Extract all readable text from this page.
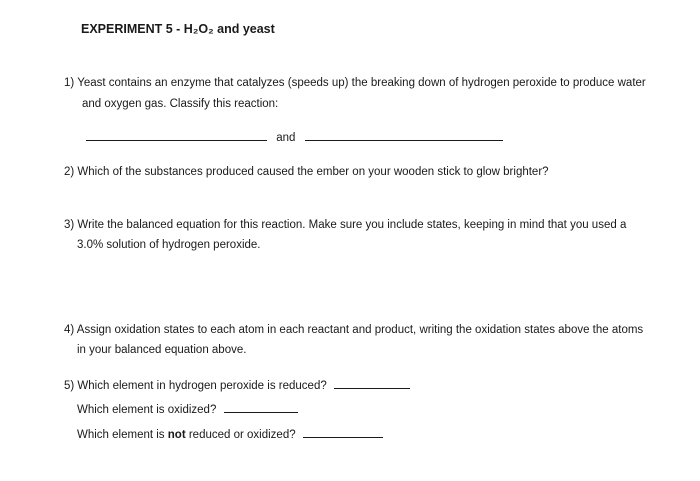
EXPERIMENT 5 - H₂O₂ and yeast
1) Yeast contains an enzyme that catalyzes (speeds up) the breaking down of hydrogen peroxide to produce water
and oxygen gas. Classify this reaction:
and
2) Which of the substances produced caused the ember on your wooden stick to glow brighter?
3) Write the balanced equation for this reaction. Make sure you include states, keeping in mind that you used a
3.0% solution of hydrogen peroxide.
4) Assign oxidation states to each atom in each reactant and product, writing the oxidation states above the atoms
in your balanced equation above.
5) Which element in hydrogen peroxide is reduced?
Which element is oxidized?
Which element is not reduced or oxidized?
